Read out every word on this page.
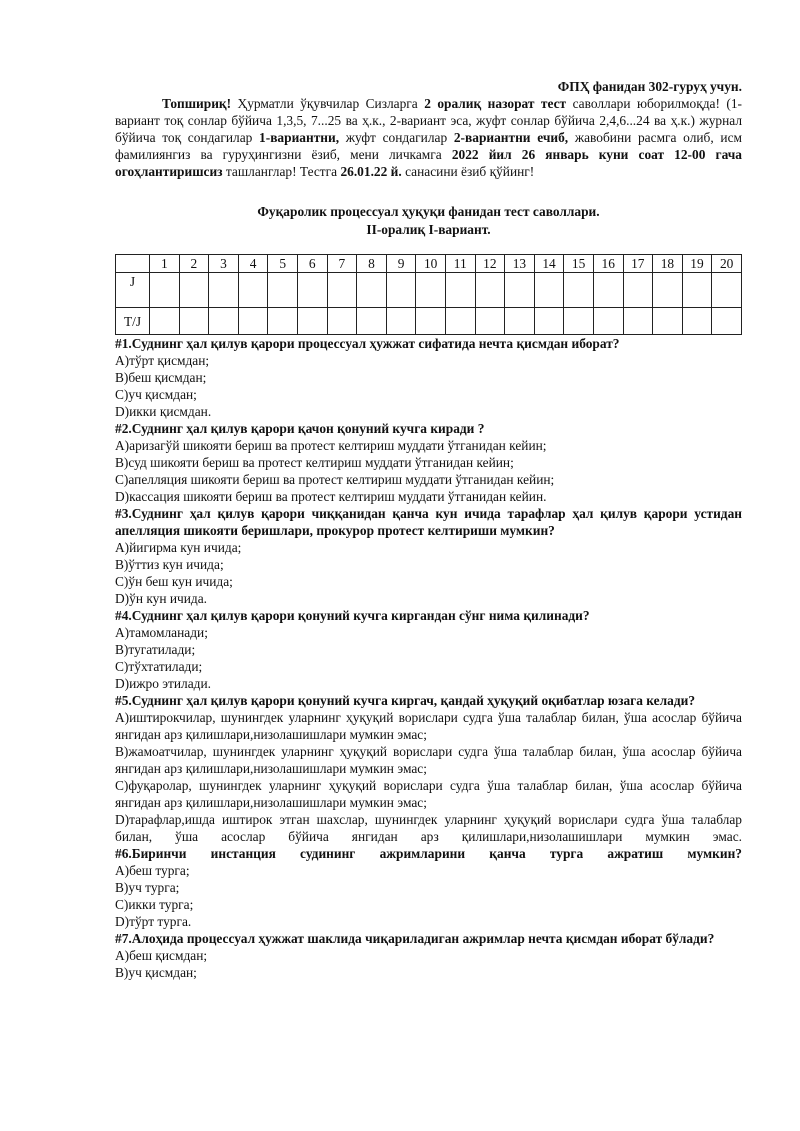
ФПҲ фанидан 302-гуруҳ учун.
Топшириқ! Ҳурматли ўқувчилар Сизларга 2 оралиқ назорат тест саволлари юборилмоқда! (1-вариант тоқ сонлар бўйича 1,3,5, 7...25 ва ҳ.к., 2-вариант эса, жуфт сонлар бўйича 2,4,6...24 ва ҳ.к.) журнал бўйича тоқ сондагилар 1-вариантни, жуфт сондагилар 2-вариантни ечиб, жавобини расмга олиб, исм фамилиянгиз ва гуруҳингизни ёзиб, мени личкамга 2022 йил 26 январь куни соат 12-00 гача огоҳлантиришсиз ташланглар! Тестга 26.01.22 й. санасини ёзиб қўйинг!
Фуқаролик процессуал ҳуқуқи фанидан тест саволлари.
II-оралиқ I-вариант.
	1	2	3	4	5	6	7	8	9	10	11	12	13	14	15	16	17	18	19	20
J																				
T/J																				
#1.Суднинг ҳал қилув қарори процессуал ҳужжат сифатида нечта қисмдан иборат?
A)тўрт қисмдан;
B)беш қисмдан;
C)уч қисмдан;
D)икки қисмдан.
#2.Суднинг ҳал қилув қарори қачон қонуний кучга киради ?
A)аризагўй шикояти бериш ва протест келтириш муддати ўтганидан кейин;
B)суд шикояти бериш ва протест келтириш муддати ўтганидан кейин;
C)апелляция шикояти бериш ва протест келтириш муддати ўтганидан кейин;
D)кассация шикояти бериш ва протест келтириш муддати ўтганидан кейин.
#3.Суднинг ҳал қилув қарори чиққанидан қанча кун ичида тарафлар ҳал қилув қарори устидан апелляция шикояти беришлари, прокурор протест келтириши мумкин?
A)йигирма кун ичида;
B)ўттиз кун ичида;
C)ўн беш кун ичида;
D)ўн кун ичида.
#4.Суднинг ҳал қилув қарори қонуний кучга киргандан сўнг нима қилинади?
A)тамомланади;
B)тугатилади;
C)тўхтатилади;
D)ижро этилади.
#5.Суднинг ҳал қилув қарори қонуний кучга киргач, қандай ҳуқуқий оқибатлар юзага келади?
A)иштирокчилар, шунингдек уларнинг ҳуқуқий ворислари судга ўша талаблар билан, ўша асослар бўйича янгидан арз қилишлари,низолашишлари мумкин эмас;
B)жамоатчилар, шунингдек уларнинг ҳуқуқий ворислари судга ўша талаблар билан, ўша асослар бўйича янгидан арз қилишлари,низолашишлари мумкин эмас;
C)фуқаролар, шунингдек уларнинг ҳуқуқий ворислари судга ўша талаблар билан, ўша асослар бўйича янгидан арз қилишлари,низолашишлари мумкин эмас;
D)тарафлар,ишда иштирок этган шахслар, шунингдек уларнинг ҳуқуқий ворислари судга ўша талаблар билан, ўша асослар бўйича янгидан арз қилишлари,низолашишлари мумкин эмас.
#6.Биринчи инстанция судининг ажримларини қанча турга ажратиш мумкин?
A)беш турга;
B)уч турга;
C)икки турга;
D)тўрт турга.
#7.Алоҳида процессуал ҳужжат шаклида чиқариладиган ажримлар нечта қисмдан иборат бўлади?
A)беш қисмдан;
B)уч қисмдан;
